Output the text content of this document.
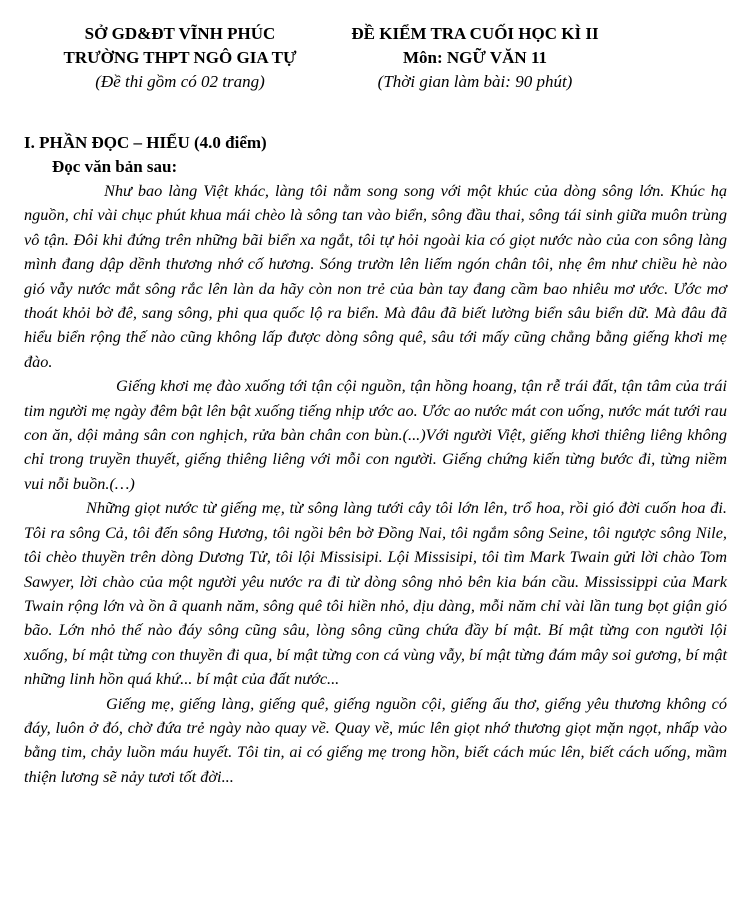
SỞ GD&ĐT VĨNH PHÚC
TRƯỜNG THPT NGÔ GIA TỰ
(Đề thi gồm có 02 trang)
ĐỀ KIỂM TRA CUỐI HỌC KÌ II
Môn: NGỮ VĂN 11
(Thời gian làm bài: 90 phút)
I. PHẦN ĐỌC – HIỂU (4.0 điểm)
Đọc văn bản sau:

Như bao làng Việt khác, làng tôi nằm song song với một khúc của dòng sông lớn. Khúc hạ nguồn, chỉ vài chục phút khua mái chèo là sông tan vào biển, sông đầu thai, sông tái sinh giữa muôn trùng vô tận. Đôi khi đứng trên những bãi biển xa ngắt, tôi tự hỏi ngoài kia có giọt nước nào của con sông làng mình đang dập dềnh thương nhớ cố hương. Sóng trườn lên liếm ngón chân tôi, nhẹ êm như chiều hè nào gió vẫy nước mắt sông rắc lên làn da hãy còn non trẻ của bàn tay đang cầm bao nhiêu mơ ước. Ước mơ thoát khỏi bờ đê, sang sông, phi qua quốc lộ ra biển. Mà đâu đã biết lường biển sâu biển dữ. Mà đâu đã hiểu biển rộng thế nào cũng không lấp được dòng sông quê, sâu tới mấy cũng chẳng bằng giếng khơi mẹ đào.

Giếng khơi mẹ đào xuống tới tận cội nguồn, tận hồng hoang, tận rễ trái đất, tận tâm của trái tim người mẹ ngày đêm bật lên bật xuống tiếng nhịp ước ao. Ước ao nước mát con uống, nước mát tưới rau con ăn, dội mảng sân con nghịch, rửa bàn chân con bùn.(...)Với người Việt, giếng khơi thiêng liêng không chỉ trong truyền thuyết, giếng thiêng liêng với mỗi con người. Giếng chứng kiến từng bước đi, từng niềm vui nỗi buồn.(…)

Những giọt nước từ giếng mẹ, từ sông làng tưới cây tôi lớn lên, trổ hoa, rồi gió đời cuốn hoa đi. Tôi ra sông Cả, tôi đến sông Hương, tôi ngồi bên bờ Đồng Nai, tôi ngắm sông Seine, tôi ngược sông Nile, tôi chèo thuyền trên dòng Dương Tử, tôi lội Missisipi. Lội Missisipi, tôi tìm Mark Twain gửi lời chào Tom Sawyer, lời chào của một người yêu nước ra đi từ dòng sông nhỏ bên kia bán cầu. Mississippi của Mark Twain rộng lớn và ồn ã quanh năm, sông quê tôi hiền nhỏ, dịu dàng, mỗi năm chỉ vài lần tung bọt giận gió bão. Lớn nhỏ thế nào đáy sông cũng sâu, lòng sông cũng chứa đầy bí mật. Bí mật từng con người lội xuống, bí mật từng con thuyền đi qua, bí mật từng con cá vùng vẫy, bí mật từng đám mây soi gương, bí mật những linh hồn quá khứ... bí mật của đất nước...

Giếng mẹ, giếng làng, giếng quê, giếng nguồn cội, giếng ấu thơ, giếng yêu thương không có đáy, luôn ở đó, chờ đứa trẻ ngày nào quay về. Quay về, múc lên giọt nhớ thương giọt mặn ngọt, nhấp vào bằng tim, chảy luồn máu huyết. Tôi tin, ai có giếng mẹ trong hồn, biết cách múc lên, biết cách uống, mầm thiện lương sẽ nảy tươi tốt đời...
